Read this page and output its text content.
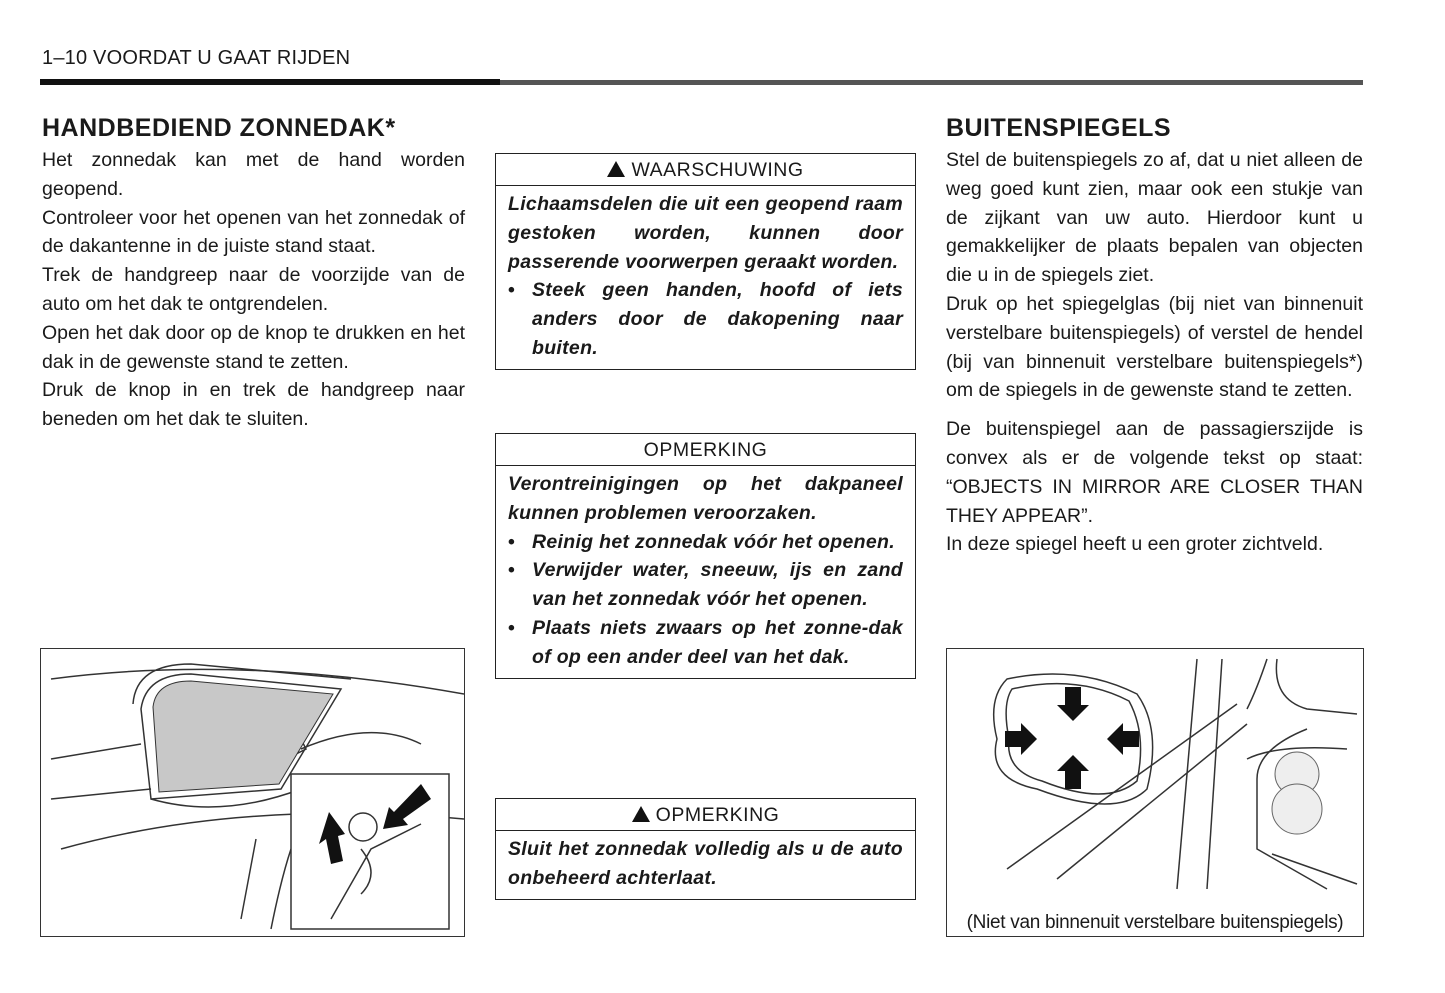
1–10 VOORDAT U GAAT RIJDEN
HANDBEDIEND ZONNEDAK*

Het zonnedak kan met de hand worden geopend.

Controleer voor het openen van het zonnedak of de dakantenne in de juiste stand staat.

Trek de handgreep naar de voorzijde van de auto om het dak te ontgrendelen.

Open het dak door op de knop te drukken en het dak in de gewenste stand te zetten.

Druk de knop in en trek de handgreep naar beneden om het dak te sluiten.

WAARSCHUWING
Lichaamsdelen die uit een geopend raam gestoken worden, kunnen door passerende voorwerpen geraakt worden.
• Steek geen handen, hoofd of iets anders door de dakopening naar buiten.
OPMERKING
Verontreinigingen op het dakpaneel kunnen problemen veroorzaken.
• Reinig het zonnedak vóór het openen.
• Verwijder water, sneeuw, ijs en zand van het zonnedak vóór het openen.
• Plaats niets zwaars op het zonne-dak of op een ander deel van het dak.
OPMERKING
Sluit het zonnedak volledig als u de auto onbeheerd achterlaat.
BUITENSPIEGELS

Stel de buitenspiegels zo af, dat u niet alleen de weg goed kunt zien, maar ook een stukje van de zijkant van uw auto. Hierdoor kunt u gemakkelijker de plaats bepalen van objecten die u in de spiegels ziet.

Druk op het spiegelglas (bij niet van binnenuit verstelbare buitenspiegels) of verstel de hendel (bij van binnenuit verstelbare buitenspiegels*) om de spiegels in de gewenste stand te zetten.

De buitenspiegel aan de passagierszijde is convex als er de volgende tekst op staat: “OBJECTS IN MIRROR ARE CLOSER THAN THEY APPEAR”.

In deze spiegel heeft u een groter zichtveld.

(Niet van binnenuit verstelbare buitenspiegels)
